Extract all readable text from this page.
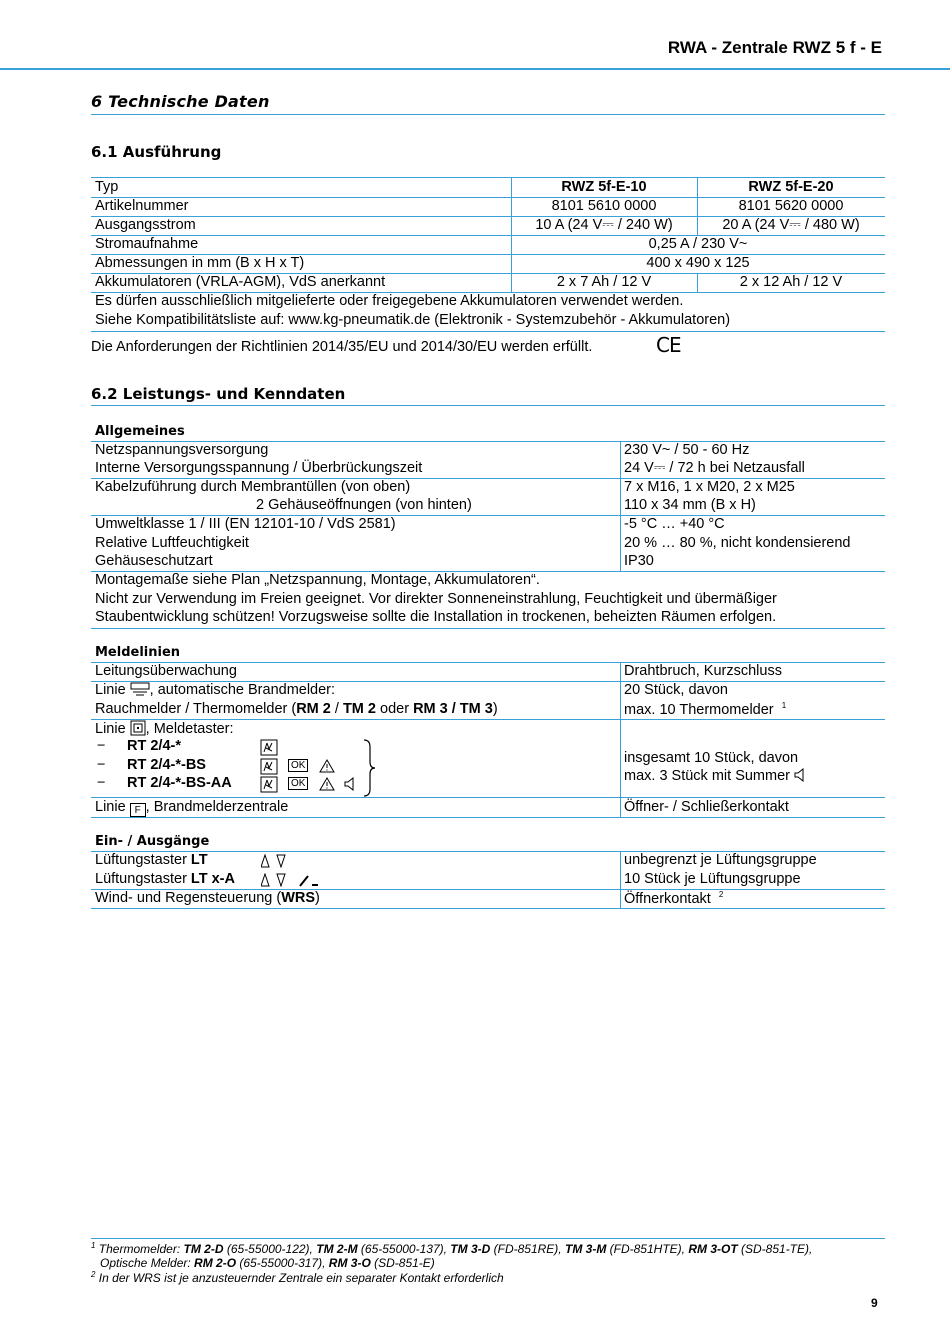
RWA - Zentrale RWZ 5 f - E
6 Technische Daten
6.1 Ausführung
Typ	RWZ 5f-E-10	RWZ 5f-E-20
Artikelnummer	8101 5610 0000	8101 5620 0000
Ausgangsstrom	10 A (24 V⎓ / 240 W)	20 A (24 V⎓ / 480 W)
Stromaufnahme	0,25 A / 230 V~
Abmessungen in mm (B x H x T)	400 x 490 x 125
Akkumulatoren (VRLA-AGM), VdS anerkannt	2 x 7 Ah / 12 V	2 x 12 Ah / 12 V
Es dürfen ausschließlich mitgelieferte oder freigegebene Akkumulatoren verwendet werden.
Siehe Kompatibilitätsliste auf: www.kg-pneumatik.de (Elektronik - Systemzubehör - Akkumulatoren)
Die Anforderungen der Richtlinien 2014/35/EU und 2014/30/EU werden erfüllt.	CE
6.2 Leistungs- und Kenndaten
Allgemeines
Netzspannungsversorgung	230 V~ / 50 - 60 Hz
Interne Versorgungsspannung / Überbrückungszeit	24 V⎓ / 72 h bei Netzausfall
Kabelzuführung durch Membrantüllen (von oben)	7 x M16, 1 x M20, 2 x M25
2 Gehäuseöffnungen (von hinten)	110 x 34 mm (B x H)
Umweltklasse 1 / III (EN 12101-10 / VdS 2581)	-5 °C … +40 °C
Relative Luftfeuchtigkeit	20 % … 80 %, nicht kondensierend
Gehäuseschutzart	IP30
Montagemaße siehe Plan „Netzspannung, Montage, Akkumulatoren“.
Nicht zur Verwendung im Freien geeignet. Vor direkter Sonneneinstrahlung, Feuchtigkeit und übermäßiger
Staubentwicklung schützen! Vorzugsweise sollte die Installation in trockenen, beheizten Räumen erfolgen.
Meldelinien
Leitungsüberwachung	Drahtbruch, Kurzschluss
Linie , automatische Brandmelder:	20 Stück, davon
Rauchmelder / Thermomelder (RM 2 / TM 2 oder RM 3 / TM 3)	max. 10 Thermomelder $^1$
Linie , Meldetaster:
− RT 2/4-*
− RT 2/4-*-BS	OK
− RT 2/4-*-BS-AA	OK
insgesamt 10 Stück, davon
max. 3 Stück mit Summer
Linie F , Brandmelderzentrale	Öffner- / Schließerkontakt
Ein- / Ausgänge
Lüftungstaster LT	unbegrenzt je Lüftungsgruppe
Lüftungstaster LT x-A	10 Stück je Lüftungsgruppe
Wind- und Regensteuerung (WRS)	Öffnerkontakt $^2$
$^1$ Thermomelder: TM 2-D (65-55000-122), TM 2-M (65-55000-137), TM 3-D (FD-851RE), TM 3-M (FD-851HTE), RM 3-OT (SD-851-TE),
Optische Melder: RM 2-O (65-55000-317), RM 3-O (SD-851-E)
$^2$ In der WRS ist je anzusteuernder Zentrale ein separater Kontakt erforderlich
9
